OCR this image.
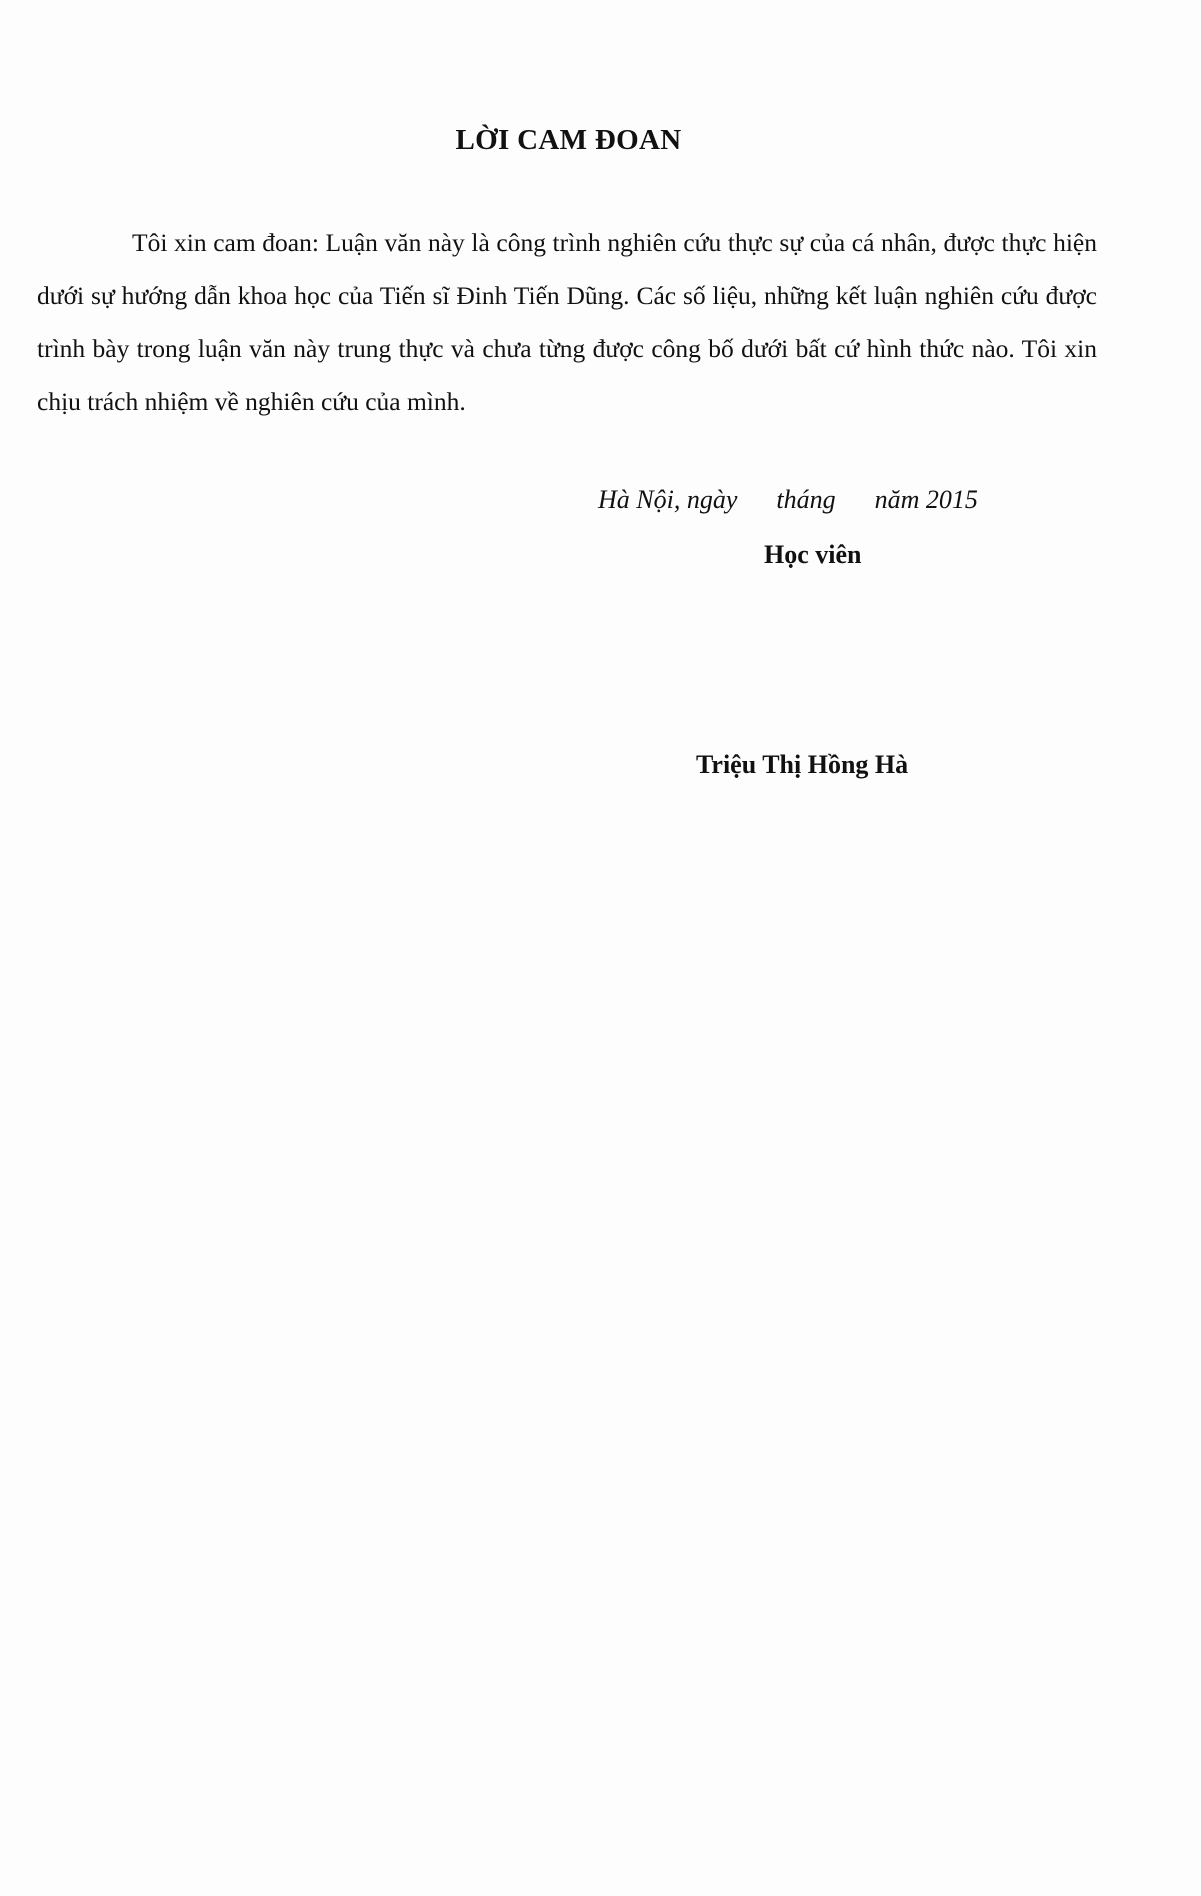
LỜI CAM ĐOAN

Tôi xin cam đoan: Luận văn này là công trình nghiên cứu thực sự của cá nhân, được thực hiện dưới sự hướng dẫn khoa học của Tiến sĩ Đinh Tiến Dũng. Các số liệu, những kết luận nghiên cứu được trình bày trong luận văn này trung thực và chưa từng được công bố dưới bất cứ hình thức nào. Tôi xin chịu trách nhiệm về nghiên cứu của mình.

Hà Nội, ngày      tháng      năm 2015
Học viên
Triệu Thị Hồng Hà
